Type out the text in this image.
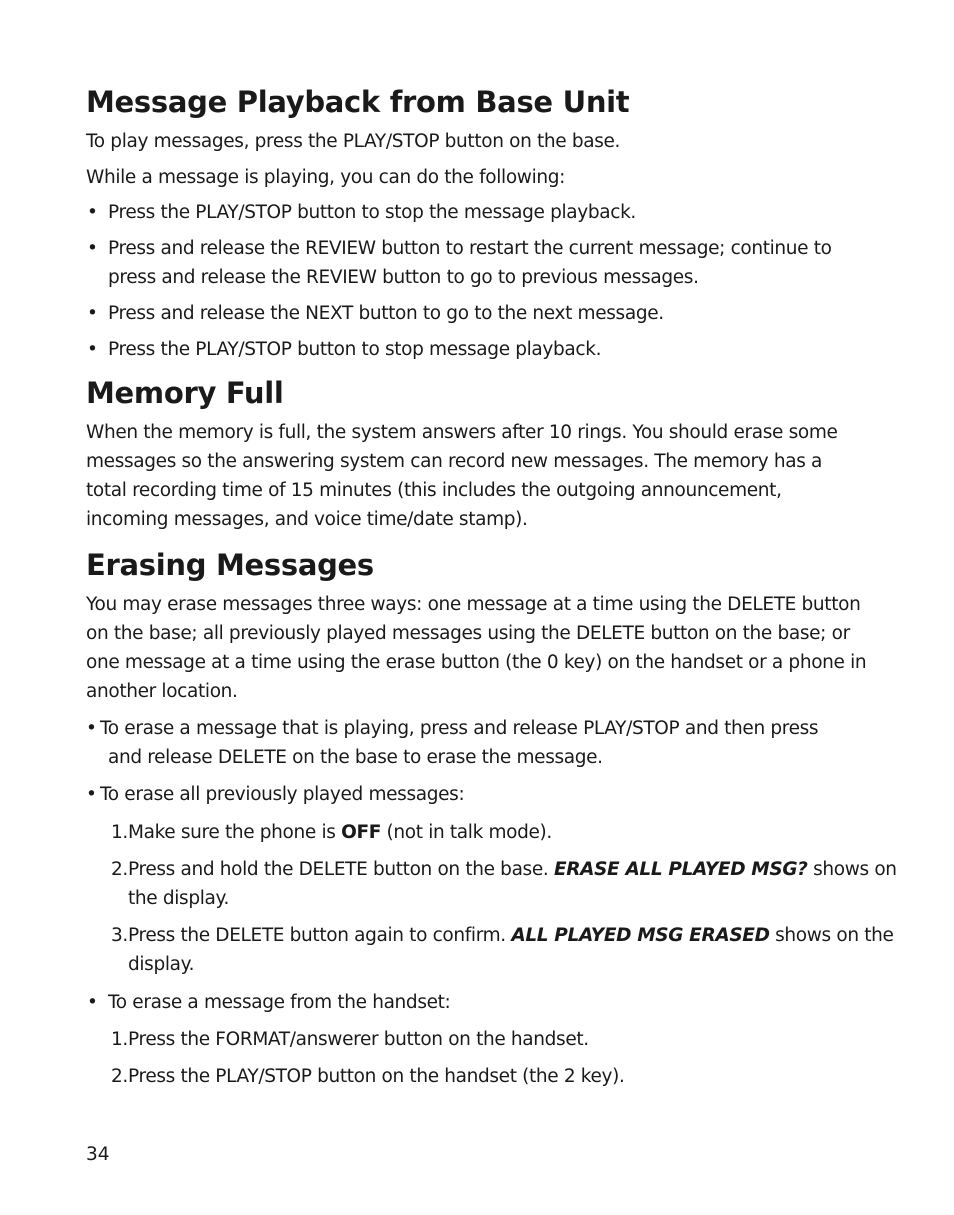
Message Playback from Base Unit

To play messages, press the PLAY/STOP button on the base.

While a message is playing, you can do the following:

• Press the PLAY/STOP button to stop the message playback.
• Press and release the REVIEW button to restart the current message; continue to press and release the REVIEW button to go to previous messages.
• Press and release the NEXT button to go to the next message.
• Press the PLAY/STOP button to stop message playback.
Memory Full

When the memory is full, the system answers after 10 rings. You should erase some messages so the answering system can record new messages. The memory has a total recording time of 15 minutes (this includes the outgoing announcement, incoming messages, and voice time/date stamp).

Erasing Messages

You may erase messages three ways: one message at a time using the DELETE button on the base; all previously played messages using the DELETE button on the base; or one message at a time using the erase button (the 0 key) on the handset or a phone in another location.

• To erase a message that is playing, press and release PLAY/STOP and then press
and release DELETE on the base to erase the message.
• To erase all previously played messages:
1. Make sure the phone is OFF (not in talk mode).
2. Press and hold the DELETE button on the base. ERASE ALL PLAYED MSG? shows on the display.
3. Press the DELETE button again to confirm. ALL PLAYED MSG ERASED shows on the display.
• To erase a message from the handset:
1. Press the FORMAT/answerer button on the handset.
2. Press the PLAY/STOP button on the handset (the 2 key).
34
